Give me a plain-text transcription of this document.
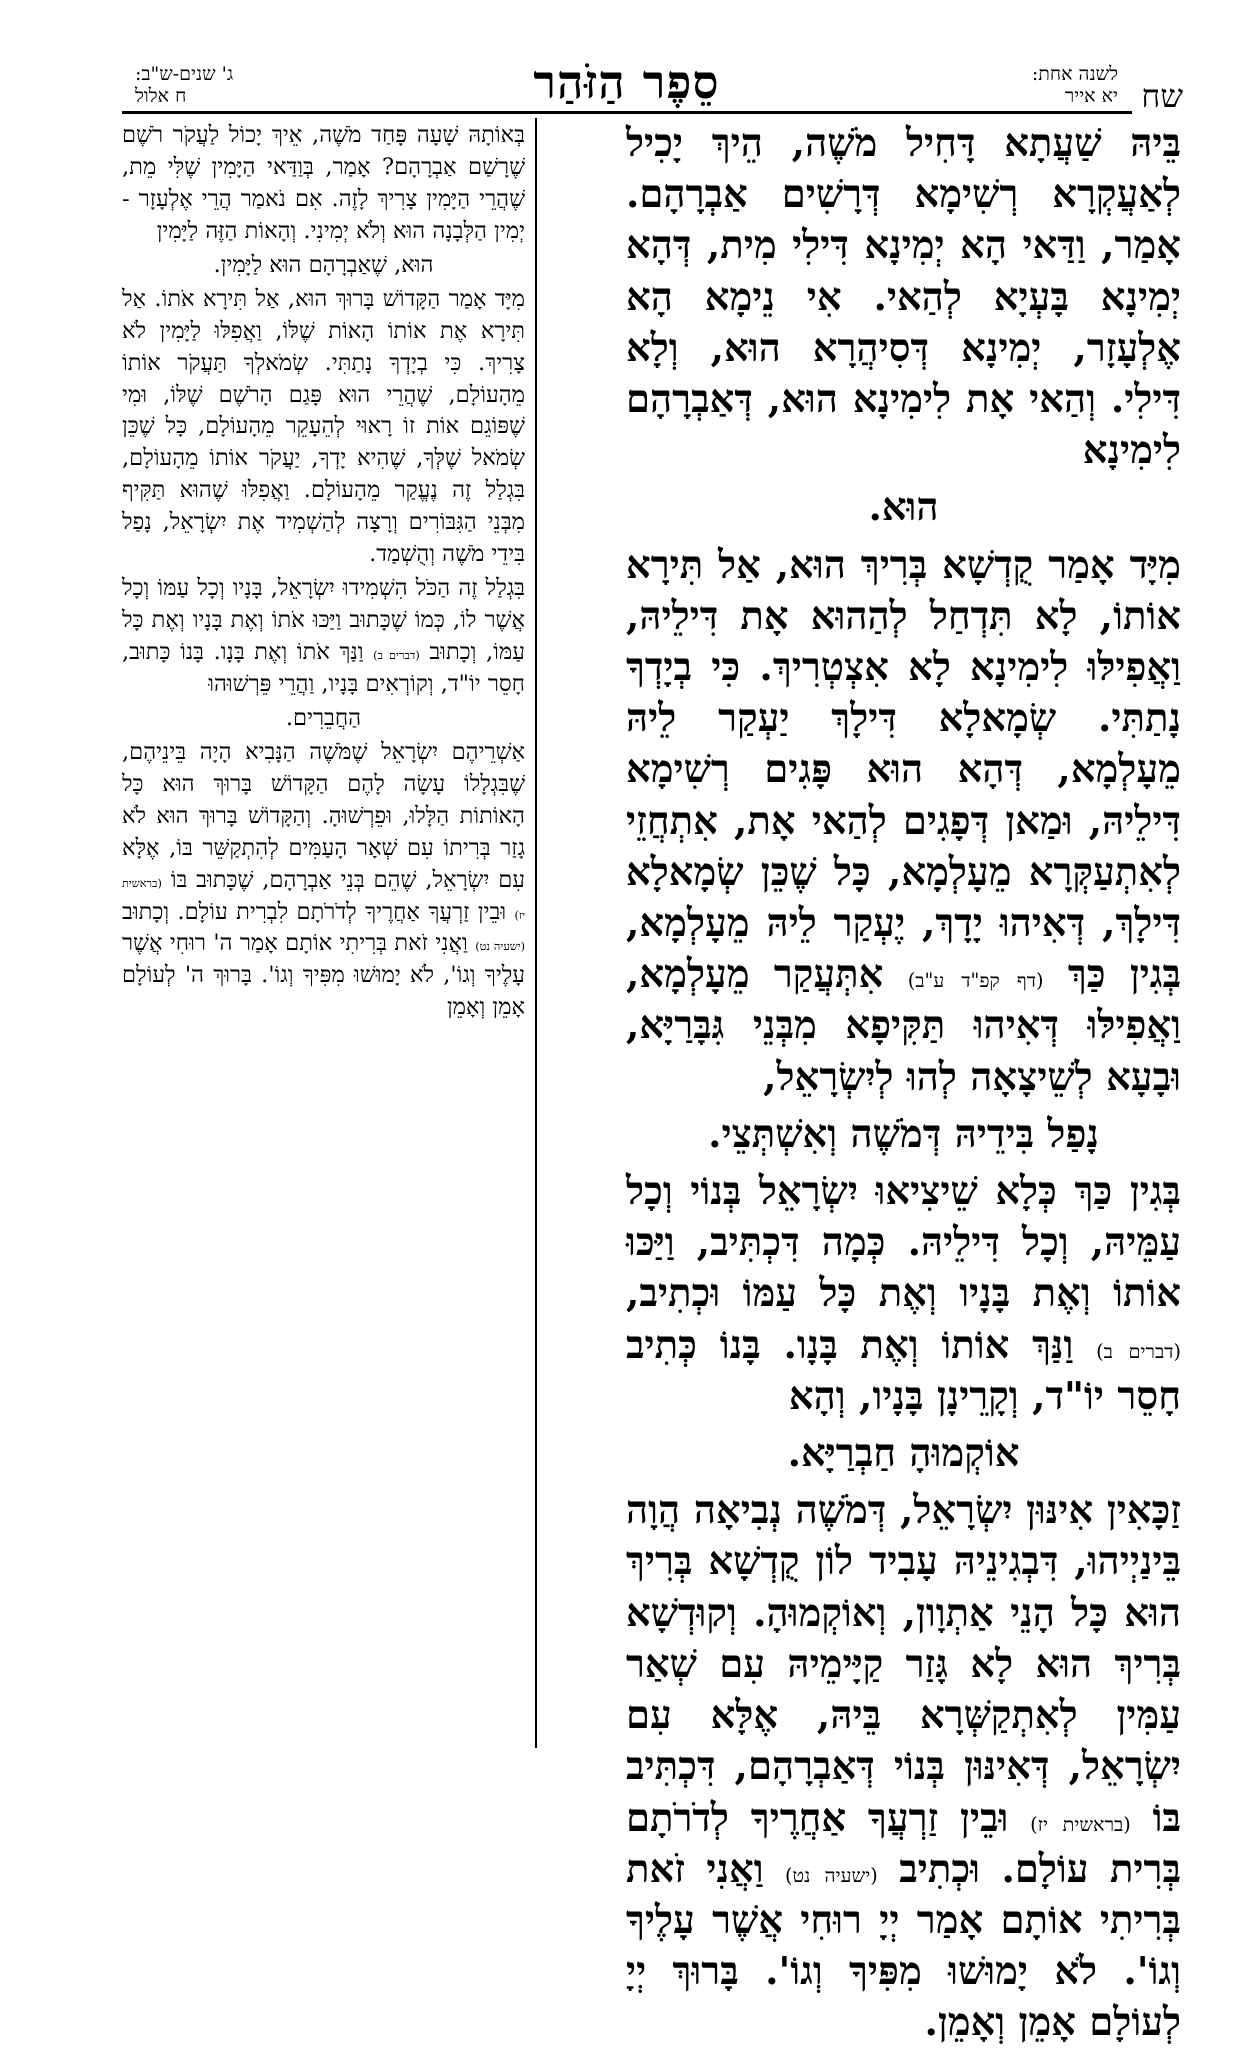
שח
לשנה אחת:
יא אייר
סֵפֶר הַזֹּהַר
ג' שנים-ש"ב:
ח אלול

בֵּיהּ שַׁעֲתָא דָּחִיל מֹשֶׁה, הֵיךְ יָכִיל לְאַעֲקְרָא רְשִׁימָא דְּרָשִׁים אַבְרָהָם. אָמַר, וַדַּאי הָא יְמִינָא דִּילִי מִית, דְּהָא יְמִינָא בָּעְיָא לְהַאי. אִי נֵימָא הָא אֶלְעָזָר, יְמִינָא דְּסִיהֲרָא הוּא, וְלָא דִּילִי. וְהַאי אָת לִימִינָא הוּא, דְּאַבְרָהָם לִימִינָא

הוּא.

מִיָּד אָמַר קֻדְשָׁא בְּרִיךְ הוּא, אַל תִּירָא אוֹתוֹ, לָא תִּדְחַל לְהַהוּא אָת דִּילֵיהּ, וַאֲפִילּוּ לִימִינָא לָא אִצְטְרִיךְ. כִּי בְיָדְךָ נָתַתִּי. שְׂמָאלָא דִּילָךְ יַעְקַר לֵיהּ מֵעָלְמָא, דְּהָא הוּא פָּגִים רְשִׁימָא דִּילֵיהּ, וּמַאן דְּפָגִים לְהַאי אָת, אִתְחֲזֵי לְאִתְעַקְּרָא מֵעָלְמָא, כָּל שֶׁכֵּן שְׂמָאלָא דִּילָךְ, דְּאִיהוּ יָדָךְ, יֶעְקַר לֵיהּ מֵעָלְמָא, בְּגִין כַּךְ (דף קפ"ד ע"ב) אִתְּעֲקַר מֵעָלְמָא, וַאֲפִילּוּ דְּאִיהוּ תַּקִּיפָא מִבְּנֵי גִּבָּרַיָּא, וּבָעָא לְשֵׁיצָאָה לְהוּ לְיִשְׂרָאֵל,

נָפַל בִּידֵיהּ דְּמֹשֶׁה וְאִשְׁתְּצֵי.

בְּגִין כַּךְ כְּלָא שֵׁיצִיאוּ יִשְׂרָאֵל בְּנוֹי וְכָל עַמֵּיהּ, וְכָל דִּילֵיהּ. כְּמָה דִּכְתִּיב, וַיַּכּוּ אוֹתוֹ וְאֶת בָּנָיו וְאֶת כָּל עַמּוֹ וּכְתִיב, (דברים ב) וַנַּךְ אוֹתוֹ וְאֶת בָּנָו. בָּנוֹ כְּתִיב חָסֵר יוֹ"ד, וְקָרֵינָן בָּנָיו, וְהָא

אוֹקְמוּהָ חַבְרַיָּא.

זַכָּאִין אִינּוּן יִשְׂרָאֵל, דְּמֹשֶׁה נְבִיאָה הֲוָה בֵּינַיְיהוּ, דִּבְגִינֵיהּ עָבִיד לוֹן קֻדְשָׁא בְּרִיךְ הוּא כָּל הָנֵי אַתְוָון, וְאוֹקְמוּהָ. וְקוּדְשָׁא בְּרִיךְ הוּא לָא גָּזַר קַיָּימֵיהּ עִם שְׁאַר עַמִּין לְאִתְקַשְּׁרָא בֵּיהּ, אֶלָּא עִם יִשְׂרָאֵל, דְּאִינּוּן בְּנוֹי דְּאַבְרָהָם, דִּכְתִּיב בּוֹ (בראשית יז) וּבֵין זַרְעֲךָ אַחֲרֶיךָ לְדֹרֹתָם בְּרִית עוֹלָם. וּכְתִיב (ישעיה נט) וַאֲנִי זֹאת בְּרִיתִי אוֹתָם אָמַר יְיָ רוּחִי אֲשֶׁר עָלֶיךָ וְגוֹ'. לֹא יָמוּשׁוּ מִפִּיךָ וְגוֹ'. בָּרוּךְ יְיָ לְעוֹלָם אָמֵן וְאָמֵן.

בְּאוֹתָהּ שָׁעָה פָּחַד מֹשֶׁה, אֵיךְ יָכוֹל לַעֲקֹר רֹשֶׁם שֶׁרָשַׁם אַבְרָהָם? אָמַר, בְּוַדַּאי הַיָּמִין שֶׁלִּי מֵת, שֶׁהֲרֵי הַיָּמִין צָרִיךְ לָזֶה. אִם נֹאמַר הֲרֵי אֶלְעָזָר - יְמִין הַלְּבָנָה הוּא וְלֹא יְמִינִי. וְהָאוֹת הַזֶּה לַיָּמִין

הוּא, שֶׁאַבְרָהָם הוּא לַיָּמִין.

מִיָּד אָמַר הַקָּדוֹשׁ בָּרוּךְ הוּא, אַל תִּירָא אֹתוֹ. אַל תִּירָא אֶת אוֹתוֹ הָאוֹת שֶׁלּוֹ, וַאֲפִלּוּ לַיָּמִין לֹא צָרִיךְ. כִּי בְיָדְךָ נָתַתִּי. שְׂמֹאלְךָ תַּעֲקֹר אוֹתוֹ מֵהָעוֹלָם, שֶׁהֲרֵי הוּא פָּגַם הָרֹשֶׁם שֶׁלּוֹ, וּמִי שֶׁפּוֹגֵם אוֹת זוֹ רָאוּי לְהֵעָקֵר מֵהָעוֹלָם, כָּל שֶׁכֵּן שְׂמֹאל שֶׁלְּךָ, שֶׁהִיא יָדְךָ, יַעֲקֹר אוֹתוֹ מֵהָעוֹלָם, בִּגְלַל זֶה נֶעֱקַר מֵהָעוֹלָם. וַאֲפִלּוּ שֶׁהוּא תַּקִּיף מִבְּנֵי הַגִּבּוֹרִים וְרָצָה לְהַשְׁמִיד אֶת יִשְׂרָאֵל, נָפַל בִּידֵי מֹשֶׁה וְהֻשְׁמַד.

בִּגְלַל זֶה הַכֹּל הִשְׁמִידוּ יִשְׂרָאֵל, בָּנָיו וְכָל עַמּוֹ וְכָל אֲשֶׁר לוֹ, כְּמוֹ שֶׁכָּתוּב וַיַּכּוּ אֹתוֹ וְאֶת בָּנָיו וְאֶת כָּל עַמּוֹ, וְכָתוּב (דברים ב) וַנַּךְ אֹתוֹ וְאֶת בָּנָו. בָּנוֹ כָּתוּב, חָסֵר יוֹ"ד, וְקוֹרְאִים בָּנָיו, וַהֲרֵי פֵּרְשׁוּהוּ

הַחֲבֵרִים.

אַשְׁרֵיהֶם יִשְׂרָאֵל שֶׁמֹּשֶׁה הַנָּבִיא הָיָה בֵּינֵיהֶם, שֶׁבִּגְלָלוֹ עָשָׂה לָהֶם הַקָּדוֹשׁ בָּרוּךְ הוּא כָּל הָאוֹתוֹת הַלָּלוּ, וּפֵרְשׁוּהָ. וְהַקָּדוֹשׁ בָּרוּךְ הוּא לֹא גָזַר בְּרִיתוֹ עִם שְׁאָר הָעַמִּים לְהִתְקַשֵּׁר בּוֹ, אֶלָּא עִם יִשְׂרָאֵל, שֶׁהֵם בְּנֵי אַבְרָהָם, שֶׁכָּתוּב בּוֹ (בראשית יז) וּבֵין זַרְעֲךָ אַחֲרֶיךָ לְדֹרֹתָם לִבְרִית עוֹלָם. וְכָתוּב (ישעיה נט) וַאֲנִי זֹאת בְּרִיתִי אוֹתָם אָמַר ה' רוּחִי אֲשֶׁר עָלֶיךָ וְגוֹ', לֹא יָמוּשׁוּ מִפִּיךָ וְגוֹ'. בָּרוּךְ ה' לְעוֹלָם אָמֵן וְאָמֵן
